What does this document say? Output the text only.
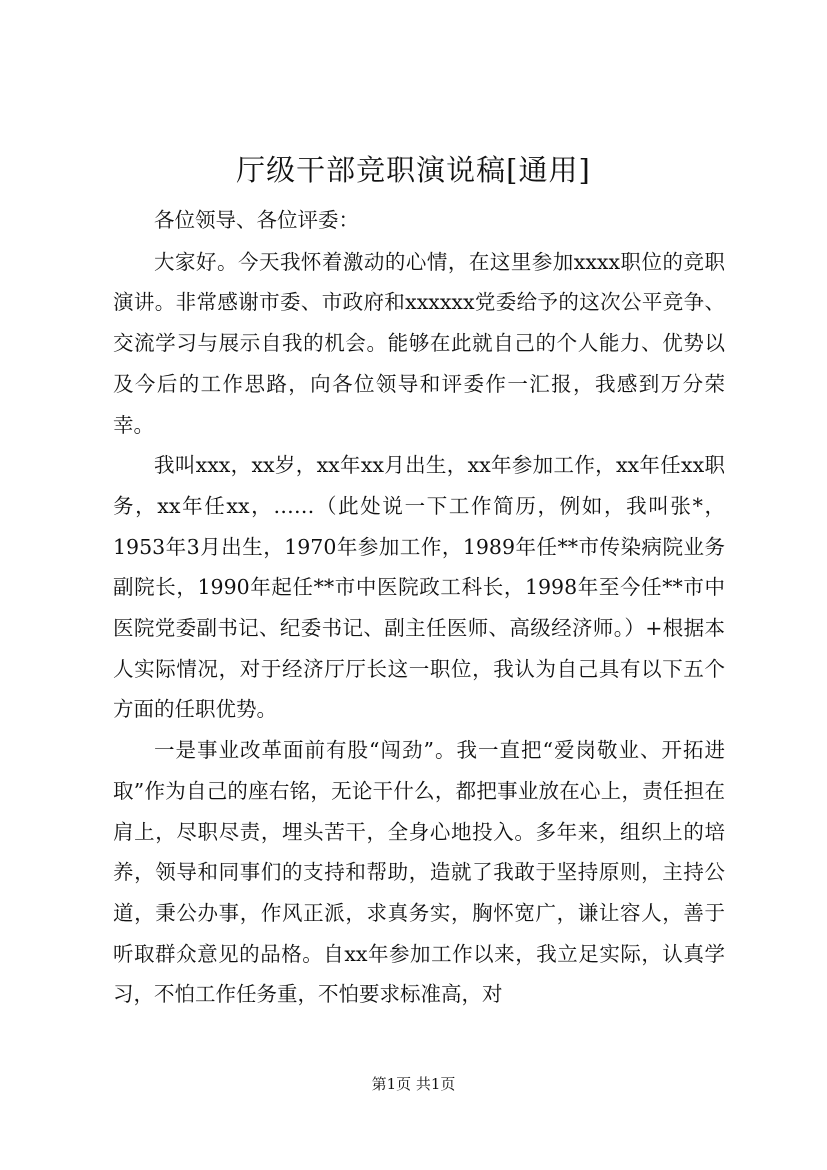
厅级干部竞职演说稿[通用]

各位领导、各位评委：

大家好。今天我怀着激动的心情，在这里参加xxxx职位的竞职演讲。非常感谢市委、市政府和xxxxxx党委给予的这次公平竞争、交流学习与展示自我的机会。能够在此就自己的个人能力、优势以及今后的工作思路，向各位领导和评委作一汇报，我感到万分荣幸。

我叫xxx，xx岁，xx年xx月出生，xx年参加工作，xx年任xx职务，xx年任xx，……（此处说一下工作简历，例如，我叫张*，1953年3月出生，1970年参加工作，1989年任**市传染病院业务副院长，1990年起任**市中医院政工科长，1998年至今任**市中医院党委副书记、纪委书记、副主任医师、高级经济师。）+根据本人实际情况，对于经济厅厅长这一职位，我认为自己具有以下五个方面的任职优势。

一是事业改革面前有股“闯劲”。我一直把“爱岗敬业、开拓进取”作为自己的座右铭，无论干什么，都把事业放在心上，责任担在肩上，尽职尽责，埋头苦干，全身心地投入。多年来，组织上的培养，领导和同事们的支持和帮助，造就了我敢于坚持原则，主持公道，秉公办事，作风正派，求真务实，胸怀宽广，谦让容人，善于听取群众意见的品格。自xx年参加工作以来，我立足实际，认真学习，不怕工作任务重，不怕要求标准高，对

第1页 共1页
